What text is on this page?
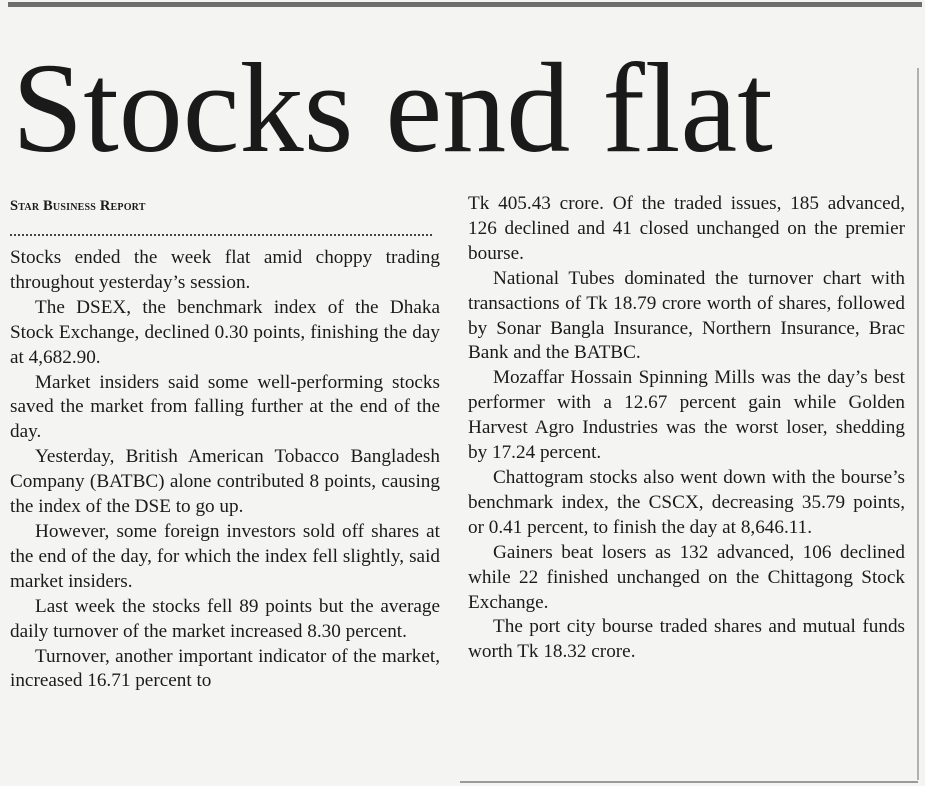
Stocks end flat

Star Business Report

Stocks ended the week flat amid choppy trading throughout yesterday’s session.

The DSEX, the benchmark index of the Dhaka Stock Exchange, declined 0.30 points, finishing the day at 4,682.90.

Market insiders said some well-performing stocks saved the market from falling further at the end of the day.

Yesterday, British American Tobacco Bangladesh Company (BATBC) alone contributed 8 points, causing the index of the DSE to go up.

However, some foreign investors sold off shares at the end of the day, for which the index fell slightly, said market insiders.

Last week the stocks fell 89 points but the average daily turnover of the market increased 8.30 percent.

Turnover, another important indicator of the market, increased 16.71 percent to

Tk 405.43 crore. Of the traded issues, 185 advanced, 126 declined and 41 closed unchanged on the premier bourse.

National Tubes dominated the turnover chart with transactions of Tk 18.79 crore worth of shares, followed by Sonar Bangla Insurance, Northern Insurance, Brac Bank and the BATBC.

Mozaffar Hossain Spinning Mills was the day’s best performer with a 12.67 percent gain while Golden Harvest Agro Industries was the worst loser, shedding by 17.24 percent.

Chattogram stocks also went down with the bourse’s benchmark index, the CSCX, decreasing 35.79 points, or 0.41 percent, to finish the day at 8,646.11.

Gainers beat losers as 132 advanced, 106 declined while 22 finished unchanged on the Chittagong Stock Exchange.

The port city bourse traded shares and mutual funds worth Tk 18.32 crore.
